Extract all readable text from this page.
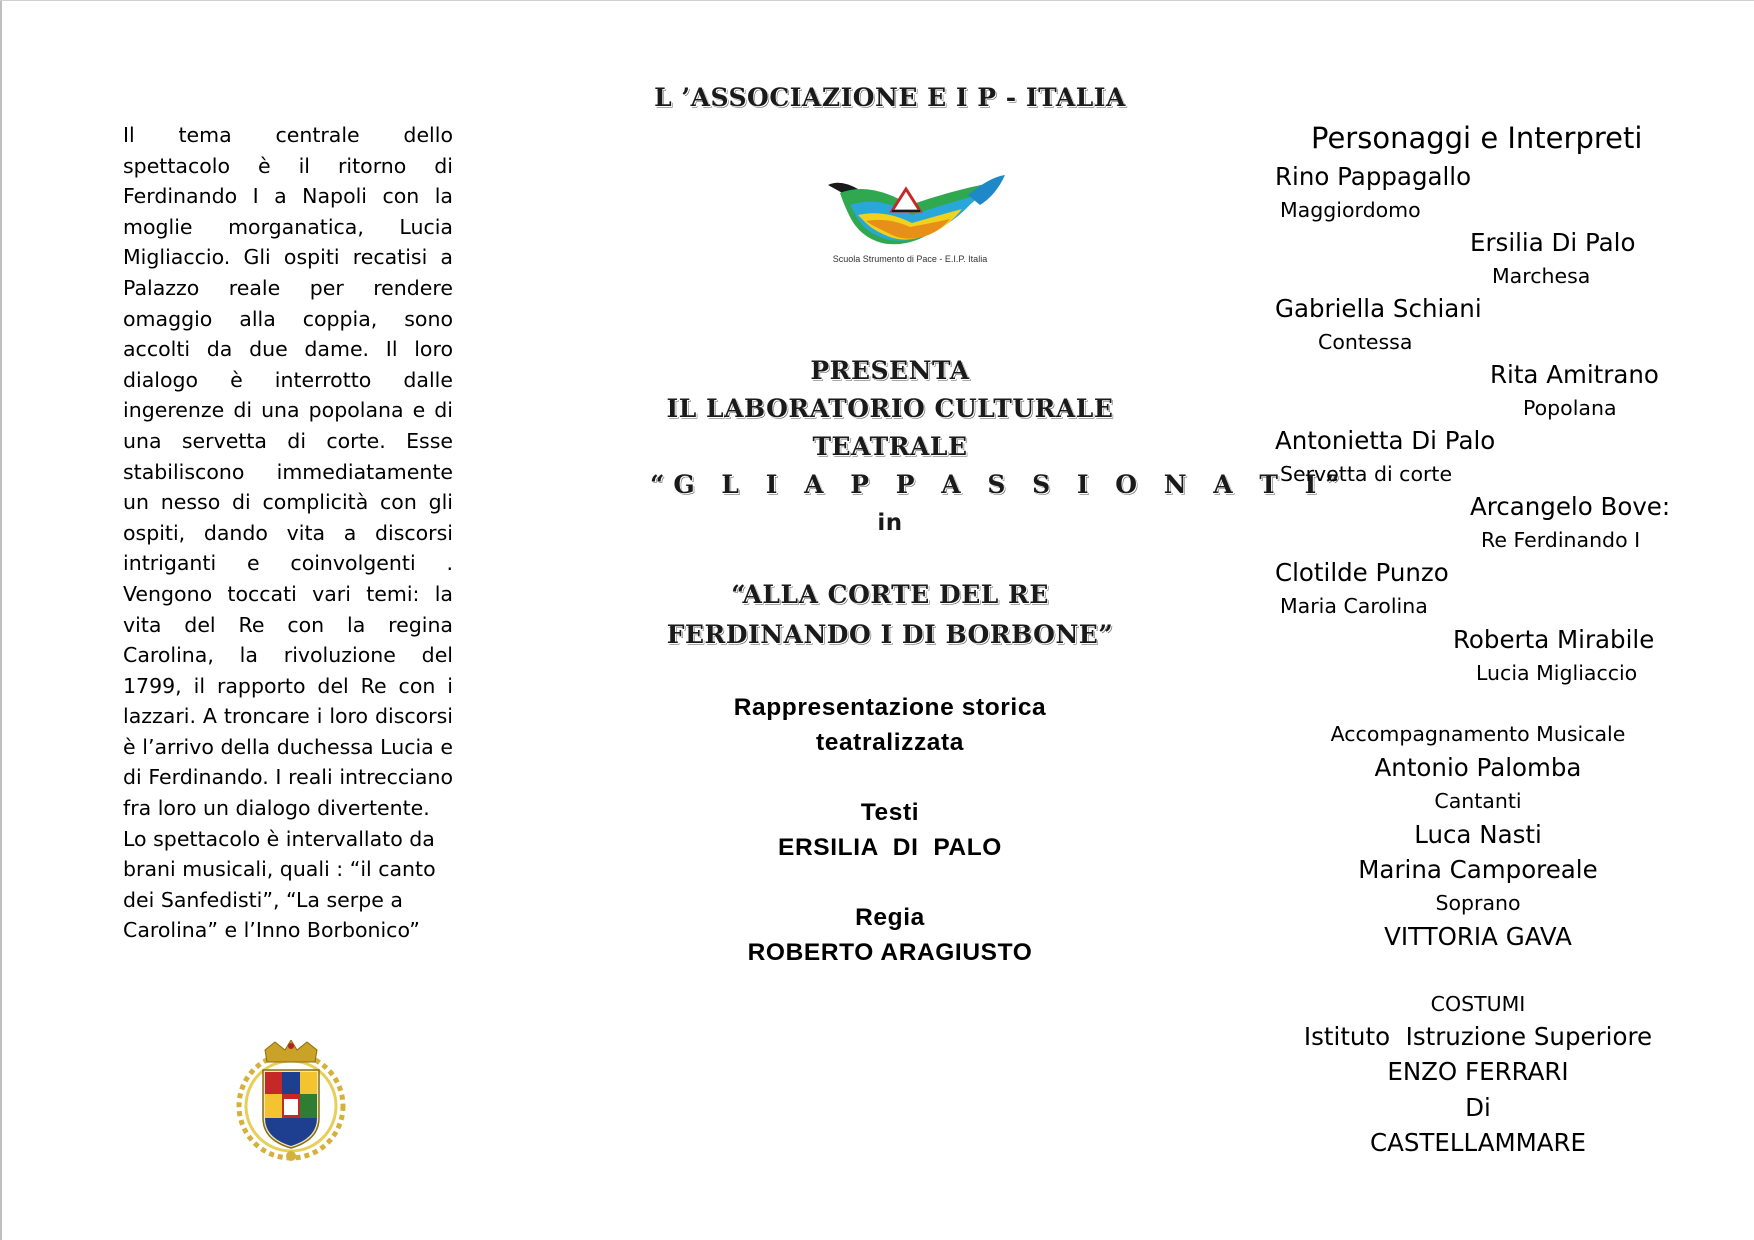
Il tema centrale dello spettacolo è il ritorno di Ferdinando I a Napoli con la moglie morganatica, Lucia Migliaccio. Gli ospiti recatisi a Palazzo reale per rendere omaggio alla coppia, sono accolti da due dame. Il loro dialogo è interrotto dalle ingerenze di una popolana e di una servetta di corte. Esse stabiliscono immediatamente un nesso di complicità con gli ospiti, dando vita a discorsi intriganti e coinvolgenti . Vengono toccati vari temi: la vita del Re con la regina Carolina, la rivoluzione del 1799, il rapporto del Re con i lazzari. A troncare i loro discorsi è l’arrivo della duchessa Lucia e di Ferdinando. I reali intrecciano fra loro un dialogo divertente.

Lo spettacolo è intervallato da brani musicali, quali : “il canto dei Sanfedisti”, “La serpe a Carolina” e l’Inno Borbonico”

L ’ASSOCIAZIONE E I P - ITALIA
Scuola Strumento di Pace - E.I.P. Italia
PRESENTA
IL LABORATORIO CULTURALE
TEATRALE
“G L I A P P A S S I O N A T I”
in
“ALLA CORTE DEL RE
FERDINANDO I DI BORBONE”
Rappresentazione storica
teatralizzata
Testi
ERSILIA  DI  PALO
Regia
ROBERTO ARAGIUSTO
Personaggi e Interpreti
Rino Pappagallo
Maggiordomo
Ersilia Di Palo
Marchesa
Gabriella Schiani
Contessa
Rita Amitrano
Popolana
Antonietta Di Palo
Servetta di corte
Arcangelo Bove:
Re Ferdinando I
Clotilde Punzo
Maria Carolina
Roberta Mirabile
Lucia Migliaccio
Accompagnamento Musicale
Antonio Palomba
Cantanti
Luca Nasti
Marina Camporeale
Soprano
VITTORIA GAVA
COSTUMI
Istituto  Istruzione Superiore
ENZO FERRARI
Di
CASTELLAMMARE
